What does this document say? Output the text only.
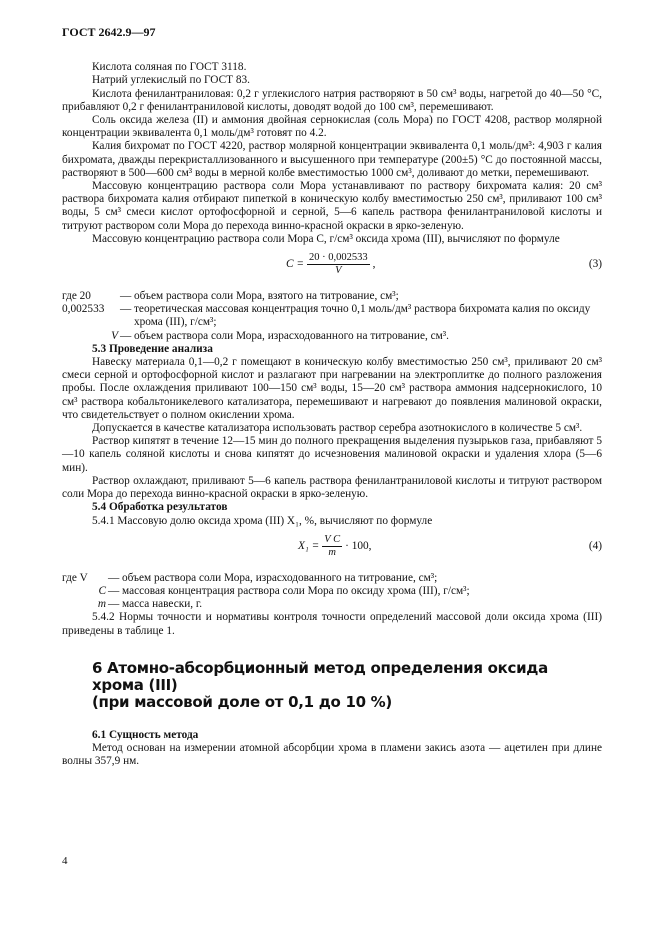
ГОСТ 2642.9—97

Кислота соляная по ГОСТ 3118.

Натрий углекислый по ГОСТ 83.

Кислота фенилантраниловая: 0,2 г углекислого натрия растворяют в 50 см³ воды, нагретой до 40—50 °С, прибавляют 0,2 г фенилантраниловой кислоты, доводят водой до 100 см³, перемешивают.

Соль оксида железа (II) и аммония двойная сернокислая (соль Мора) по ГОСТ 4208, раствор молярной концентрации эквивалента 0,1 моль/дм³ готовят по 4.2.

Калия бихромат по ГОСТ 4220, раствор молярной концентрации эквивалента 0,1 моль/дм³: 4,903 г калия бихромата, дважды перекристаллизованного и высушенного при температуре (200±5) °С до постоянной массы, растворяют в 500—600 см³ воды в мерной колбе вместимостью 1000 см³, доливают до метки, перемешивают.

Массовую концентрацию раствора соли Мора устанавливают по раствору бихромата калия: 20 см³ раствора бихромата калия отбирают пипеткой в коническую колбу вместимостью 250 см³, приливают 100 см³ воды, 5 см³ смеси кислот ортофосфорной и серной, 5—6 капель раствора фенилантраниловой кислоты и титруют раствором соли Мора до перехода винно-красной окраски в ярко-зеленую.

Массовую концентрацию раствора соли Мора C, г/см³ оксида хрома (III), вычисляют по формуле

$C = \frac{20 \cdot 0,002533}{V}$ ,	(3)
где 20	— объем раствора соли Мора, взятого на титрование, см³;
0,002533	— теоретическая массовая концентрация точно 0,1 моль/дм³ раствора бихромата калия по оксиду хрома (III), г/см³;
V — объем раствора соли Мора, израсходованного на титрование, см³.

5.3 Проведение анализа

Навеску материала 0,1—0,2 г помещают в коническую колбу вместимостью 250 см³, приливают 20 см³ смеси серной и ортофосфорной кислот и разлагают при нагревании на электроплитке до полного разложения пробы. После охлаждения приливают 100—150 см³ воды, 15—20 см³ раствора аммония надсернокислого, 10 см³ раствора кобальтоникелевого катализатора, перемешивают и нагревают до появления малиновой окраски, что свидетельствует о полном окислении хрома.

Допускается в качестве катализатора использовать раствор серебра азотнокислого в количестве 5 см³.

Раствор кипятят в течение 12—15 мин до полного прекращения выделения пузырьков газа, прибавляют 5—10 капель соляной кислоты и снова кипятят до исчезновения малиновой окраски и удаления хлора (5—6 мин).

Раствор охлаждают, приливают 5—6 капель раствора фенилантраниловой кислоты и титруют раствором соли Мора до перехода винно-красной окраски в ярко-зеленую.

5.4 Обработка результатов

5.4.1 Массовую долю оксида хрома (III) X₁, %, вычисляют по формуле

$X_1 = \frac{\text{V C}}{m} \cdot 100$,	(4)
где V	— объем раствора соли Мора, израсходованного на титрование, см³;
C — массовая концентрация раствора соли Мора по оксиду хрома (III), г/см³;
m — масса навески, г.

5.4.2 Нормы точности и нормативы контроля точности определений массовой доли оксида хрома (III) приведены в таблице 1.

6 Атомно-абсорбционный метод определения оксида хрома (III)
(при массовой доле от 0,1 до 10 %)

6.1 Сущность метода

Метод основан на измерении атомной абсорбции хрома в пламени закись азота — ацетилен при длине волны 357,9 нм.

4
